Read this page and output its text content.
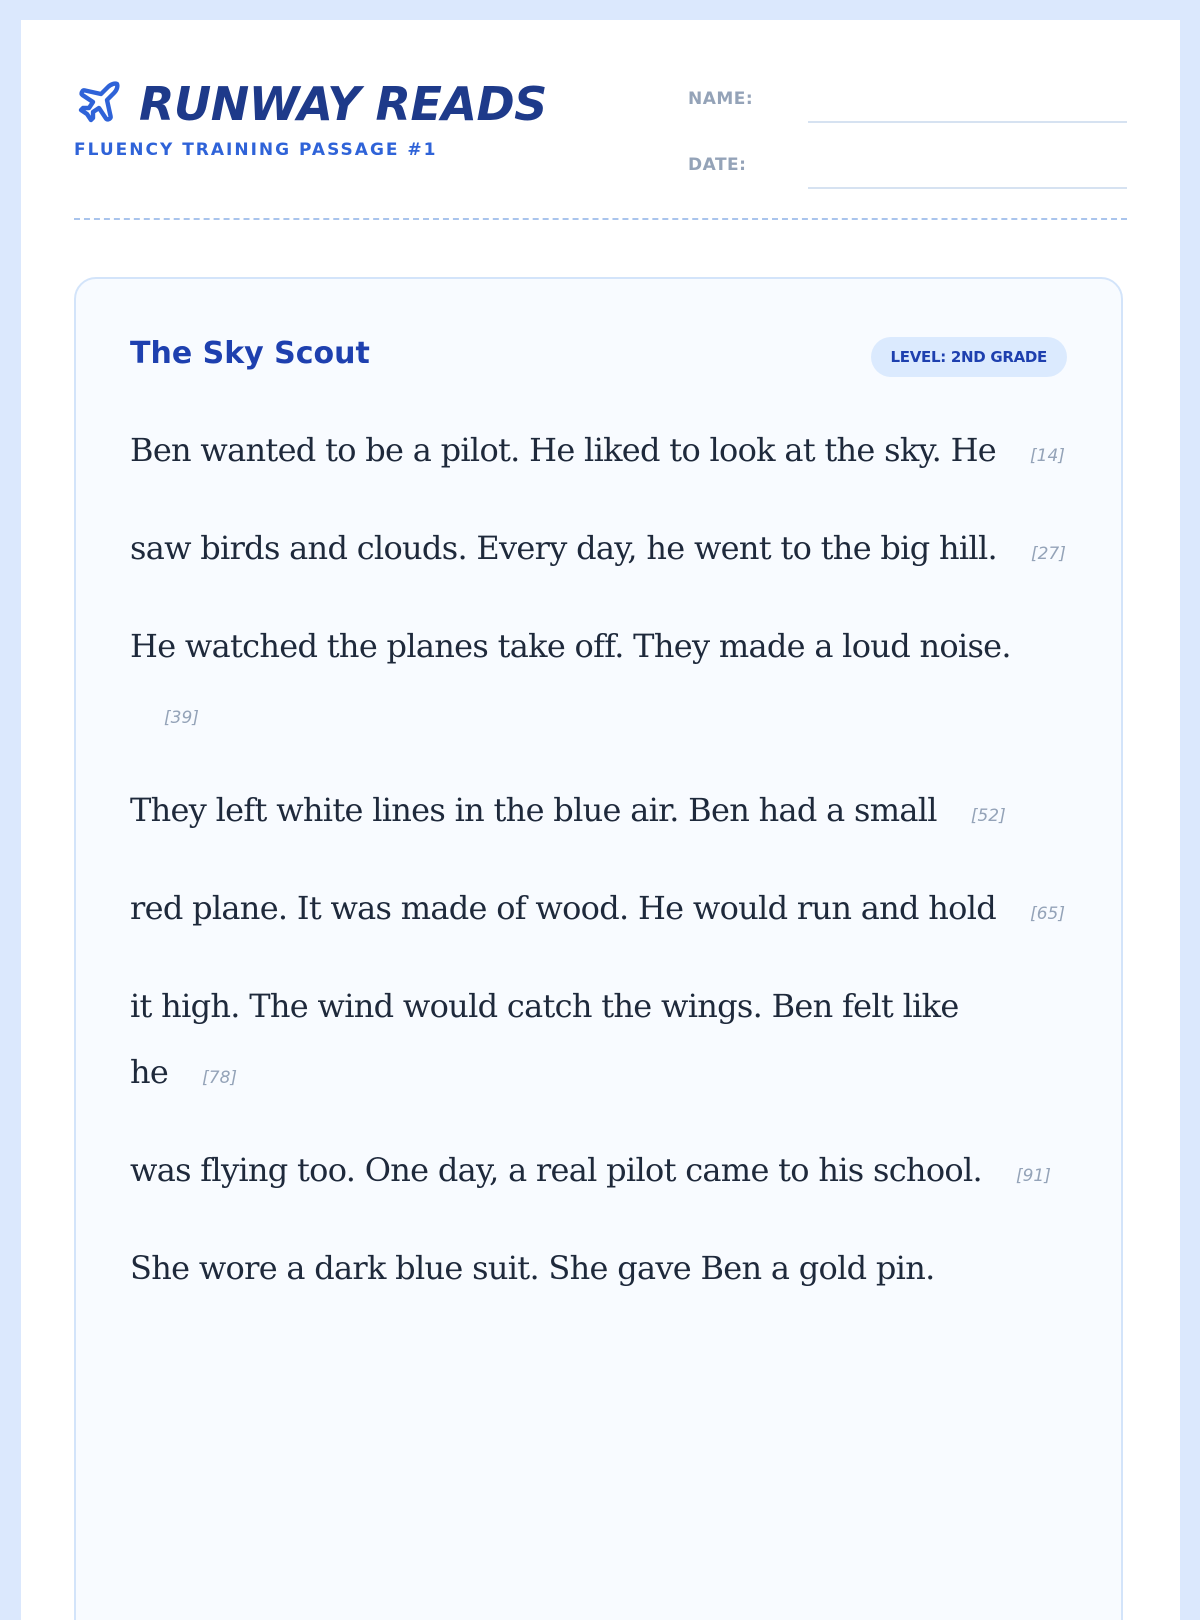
RUNWAY READS
FLUENCY TRAINING PASSAGE #1
NAME:
DATE:
The Sky Scout	LEVEL: 2ND GRADE

Ben wanted to be a pilot. He liked to look at the sky. He [14]

saw birds and clouds. Every day, he went to the big hill. [27]

He watched the planes take off. They made a loud noise.[39]

They left white lines in the blue air. Ben had a small [52]

red plane. It was made of wood. He would run and hold [65]

it high. The wind would catch the wings. Ben felt like he [78]

was flying too. One day, a real pilot came to his school. [91]

She wore a dark blue suit. She gave Ben a gold pin.
